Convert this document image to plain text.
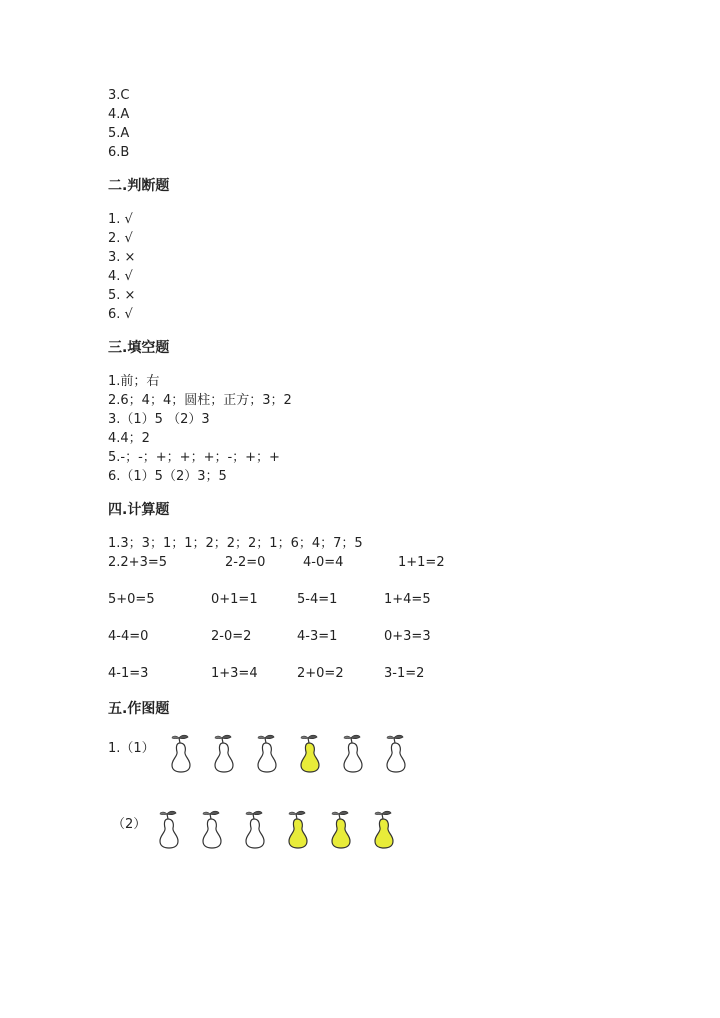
3.C
4.A
5.A
6.B
二.判断题
1. √
2. √
3. ×
4. √
5. ×
6. √
三.填空题
1.前；右
2.6；4；4；圆柱；正方；3；2
3.（1）5 （2）3
4.4；2
5.-；-；+；+；+；-；+；+
6.（1）5（2）3；5
四.计算题
1.3；3；1；1；2；2；2；1；6；4；7；5
2.2+3=5	2-2=0	4-0=4	1+1=2
5+0=5	0+1=1	5-4=1	1+4=5
4-4=0	2-0=2	4-3=1	0+3=3
4-1=3	1+3=4	2+0=2	3-1=2
五.作图题
1.（1）
（2）
